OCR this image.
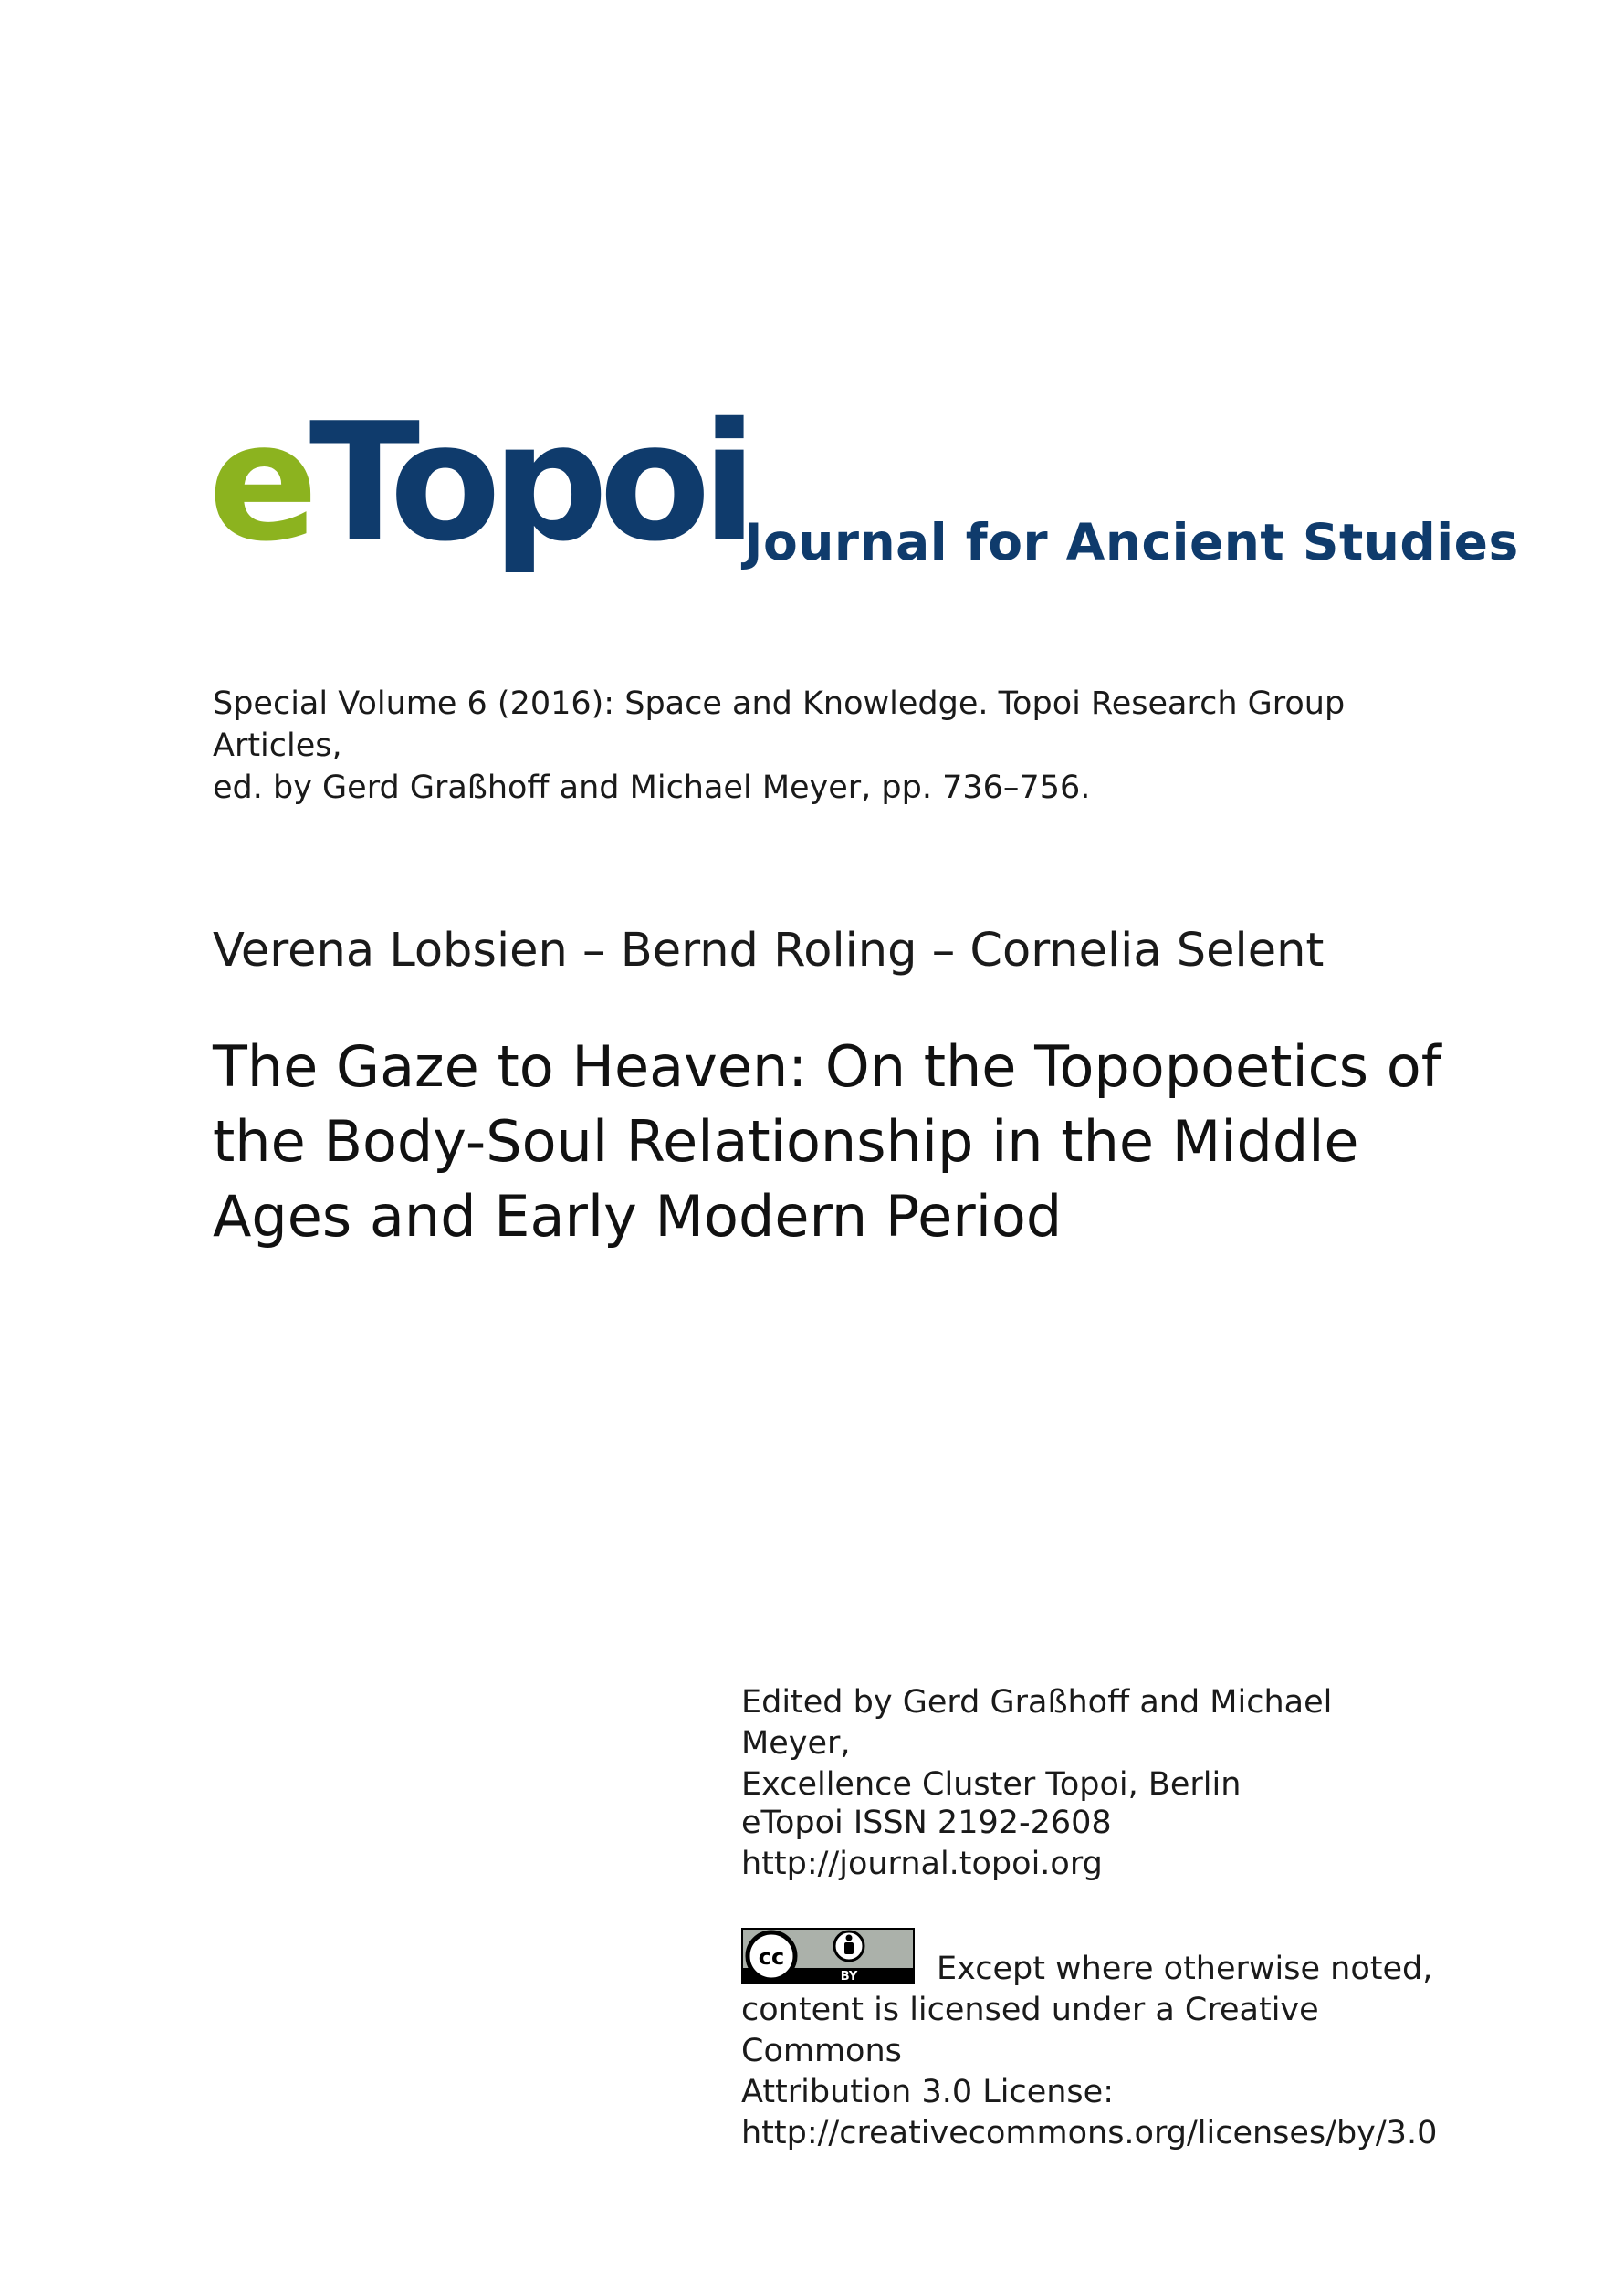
eTopoi
Journal for Ancient Studies
Special Volume 6 (2016): Space and Knowledge. Topoi Research Group Articles,
ed. by Gerd Graßhoff and Michael Meyer, pp. 736–756.
Verena Lobsien – Bernd Roling – Cornelia Selent
The Gaze to Heaven: On the Topopoetics of
the Body-Soul Relationship in the Middle
Ages and Early Modern Period
Edited by Gerd Graßhoff and Michael Meyer,
Excellence Cluster Topoi, Berlin
eTopoi ISSN 2192-2608
http://journal.topoi.org
cc
BY Except where otherwise noted,
content is licensed under a Creative Commons
Attribution 3.0 License:
http://creativecommons.org/licenses/by/3.0
